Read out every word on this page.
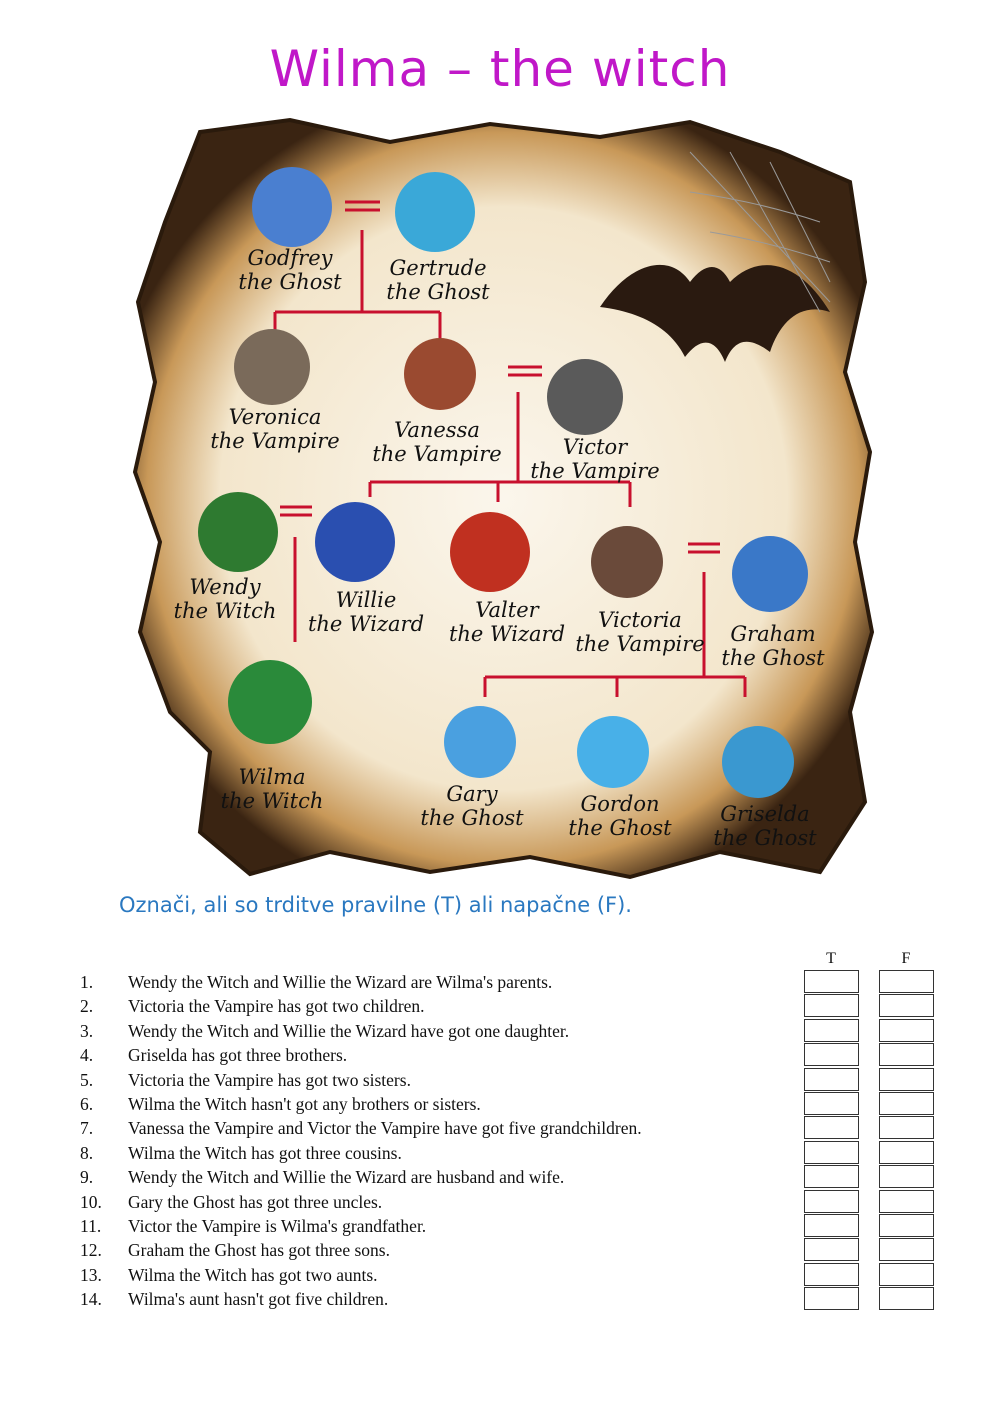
Wilma – the witch
Godfrey
the Ghost
Gertrude
the Ghost
Veronica
the Vampire	Vanessa
the Vampire	Victor
the Vampire
Wendy
the Witch	Willie
the Wizard
Valter
the Wizard
Victoria
the Vampire	Graham
the Ghost
Wilma
the Witch	Gary
the Ghost
Gordon
the Ghost
Griselda
the Ghost
Označi, ali so trditve pravilne (T) ali napačne (F).
T	F
1.	Wendy the Witch and Willie the Wizard are Wilma's parents.
2.	Victoria the Vampire has got two children.
3.	Wendy the Witch and Willie the Wizard have got one daughter.
4.	Griselda has got three brothers.
5.	Victoria the Vampire has got two sisters.
6.	Wilma the Witch hasn't got any brothers or sisters.
7.	Vanessa the Vampire and Victor the Vampire have got five grandchildren.
8.	Wilma the Witch has got three cousins.
9.	Wendy the Witch and Willie the Wizard are husband and wife.
10.	Gary the Ghost has got three uncles.
11.	Victor the Vampire is Wilma's grandfather.
12.	Graham the Ghost has got three sons.
13.	Wilma the Witch has got two aunts.
14.	Wilma's aunt hasn't got five children.
